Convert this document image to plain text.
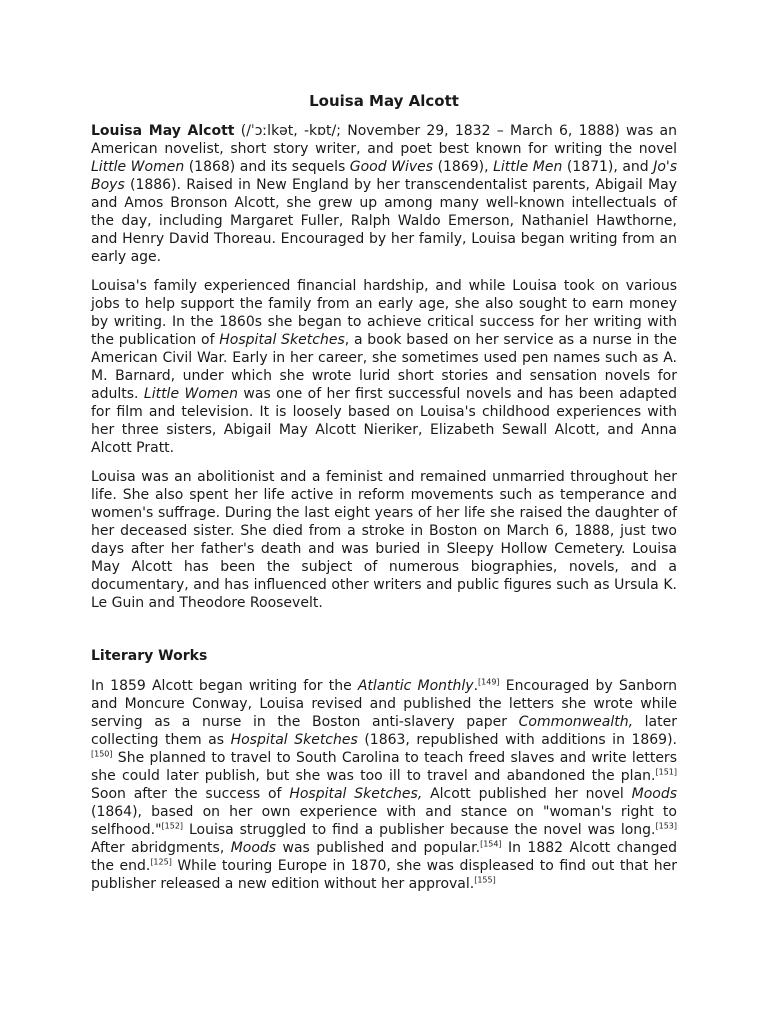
Louisa May Alcott

Louisa May Alcott (/ˈɔːlkət, -kɒt/; November 29, 1832 – March 6, 1888) was an American novelist, short story writer, and poet best known for writing the novel Little Women (1868) and its sequels Good Wives (1869), Little Men (1871), and Jo's Boys (1886). Raised in New England by her transcendentalist parents, Abigail May and Amos Bronson Alcott, she grew up among many well-known intellectuals of the day, including Margaret Fuller, Ralph Waldo Emerson, Nathaniel Hawthorne, and Henry David Thoreau. Encouraged by her family, Louisa began writing from an early age.

Louisa's family experienced financial hardship, and while Louisa took on various jobs to help support the family from an early age, she also sought to earn money by writing. In the 1860s she began to achieve critical success for her writing with the publication of Hospital Sketches, a book based on her service as a nurse in the American Civil War. Early in her career, she sometimes used pen names such as A. M. Barnard, under which she wrote lurid short stories and sensation novels for adults. Little Women was one of her first successful novels and has been adapted for film and television. It is loosely based on Louisa's childhood experiences with her three sisters, Abigail May Alcott Nieriker, Elizabeth Sewall Alcott, and Anna Alcott Pratt.

Louisa was an abolitionist and a feminist and remained unmarried throughout her life. She also spent her life active in reform movements such as temperance and women's suffrage. During the last eight years of her life she raised the daughter of her deceased sister. She died from a stroke in Boston on March 6, 1888, just two days after her father's death and was buried in Sleepy Hollow Cemetery. Louisa May Alcott has been the subject of numerous biographies, novels, and a documentary, and has influenced other writers and public figures such as Ursula K. Le Guin and Theodore Roosevelt.

Literary Works

In 1859 Alcott began writing for the Atlantic Monthly.[149] Encouraged by Sanborn and Moncure Conway, Louisa revised and published the letters she wrote while serving as a nurse in the Boston anti-slavery paper Commonwealth, later collecting them as Hospital Sketches (1863, republished with additions in 1869).[150] She planned to travel to South Carolina to teach freed slaves and write letters she could later publish, but she was too ill to travel and abandoned the plan.[151] Soon after the success of Hospital Sketches, Alcott published her novel Moods (1864), based on her own experience with and stance on "woman's right to selfhood."[152] Louisa struggled to find a publisher because the novel was long.[153] After abridgments, Moods was published and popular.[154] In 1882 Alcott changed the end.[125] While touring Europe in 1870, she was displeased to find out that her publisher released a new edition without her approval.[155]
